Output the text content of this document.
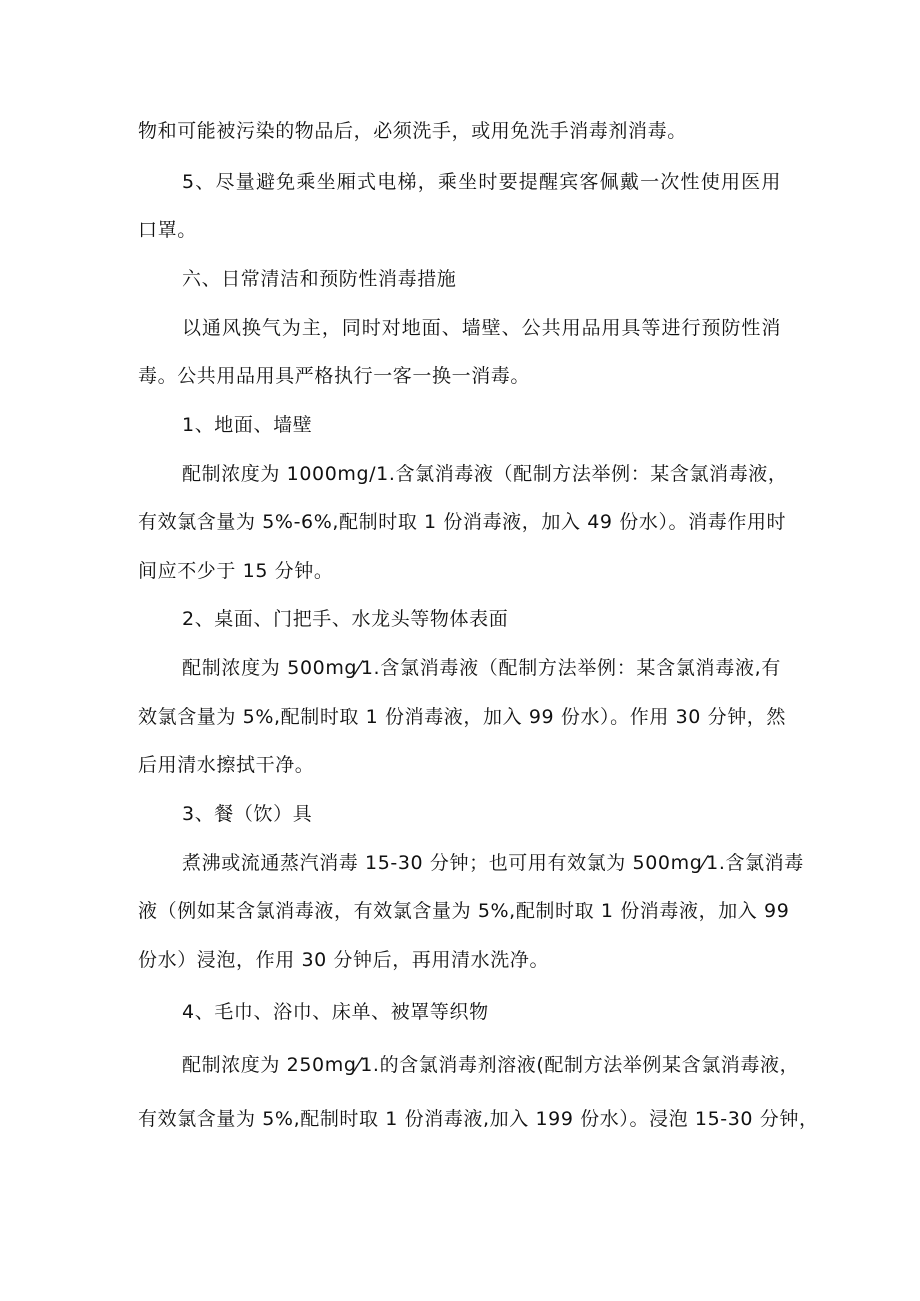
物和可能被污染的物品后，必须洗手，或用免洗手消毒剂消毒。
5、尽量避免乘坐厢式电梯，乘坐时要提醒宾客佩戴一次性使用医用
口罩。
六、日常清洁和预防性消毒措施
以通风换气为主，同时对地面、墙壁、公共用品用具等进行预防性消
毒。公共用品用具严格执行一客一换一消毒。
1、地面、墙壁
配制浓度为 1000mg/1.含氯消毒液（配制方法举例：某含氯消毒液，
有效氯含量为 5%-6%,配制时取 1 份消毒液，加入 49 份水）。消毒作用时
间应不少于 15 分钟。
2、桌面、门把手、水龙头等物体表面
配制浓度为 500mg⁄1.含氯消毒液（配制方法举例：某含氯消毒液,有
效氯含量为 5%,配制时取 1 份消毒液，加入 99 份水）。作用 30 分钟，然
后用清水擦拭干净。
3、餐（饮）具
煮沸或流通蒸汽消毒 15-30 分钟；也可用有效氯为 500mg⁄1.含氯消毒
液（例如某含氯消毒液，有效氯含量为 5%,配制时取 1 份消毒液，加入 99
份水）浸泡，作用 30 分钟后，再用清水洗净。
4、毛巾、浴巾、床单、被罩等织物
配制浓度为 250mg⁄1.的含氯消毒剂溶液(配制方法举例某含氯消毒液，
有效氯含量为 5%,配制时取 1 份消毒液,加入 199 份水）。浸泡 15-30 分钟，
